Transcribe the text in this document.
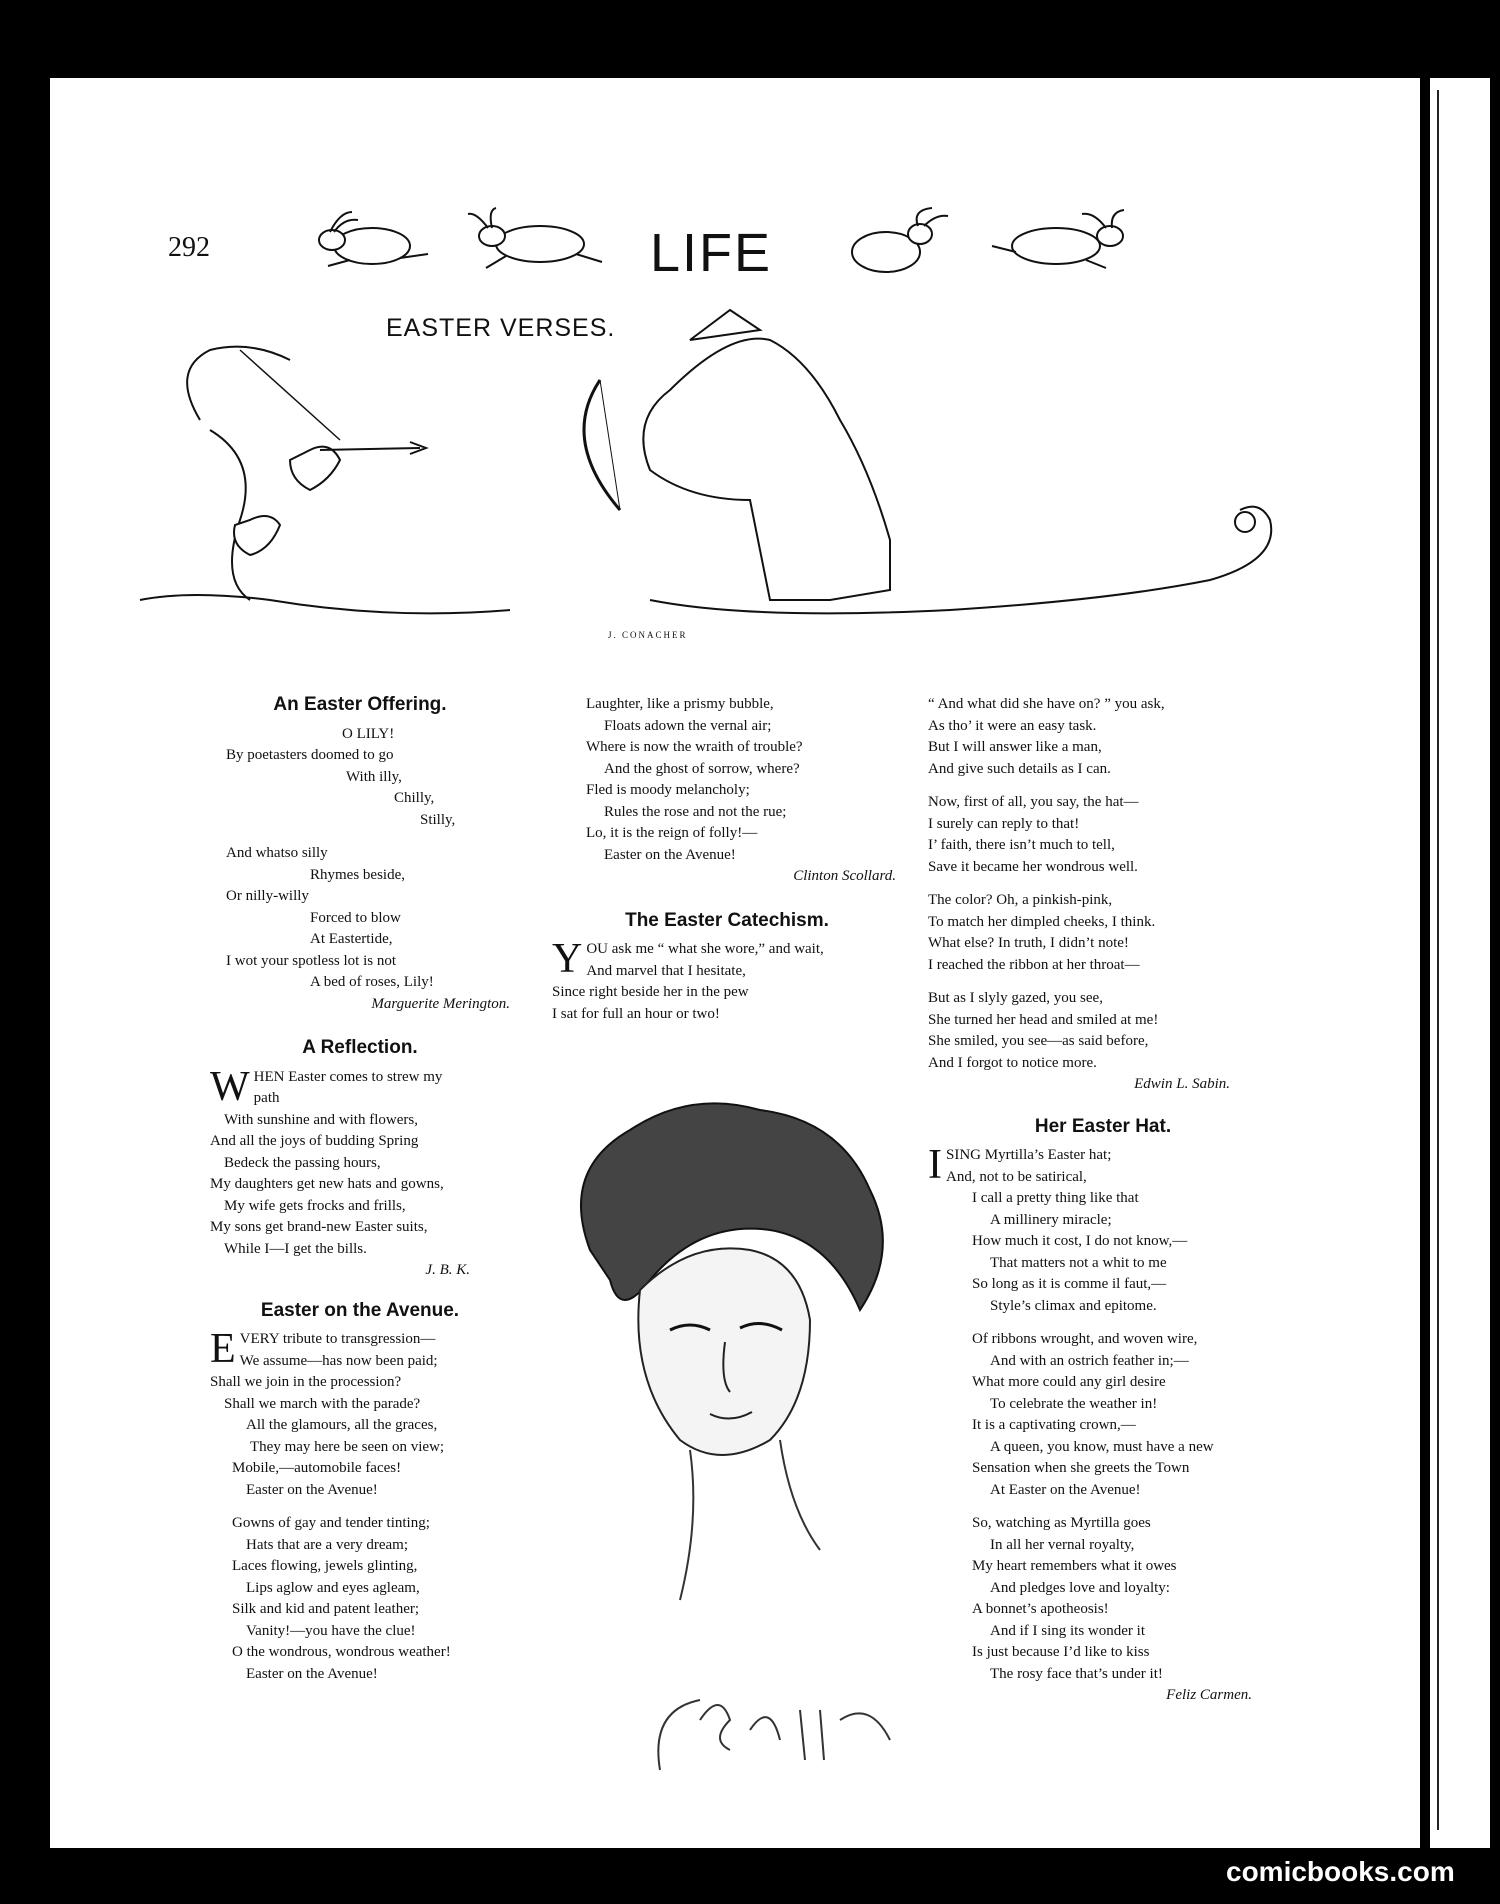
292	LIFE
EASTER VERSES.
J. CONACHER
An Easter Offering.
O LILY!
By poetasters doomed to go
With illy,
Chilly,
Stilly,
And whatso silly
Rhymes beside,
Or nilly-willy
Forced to blow
At Eastertide,
I wot your spotless lot is not
A bed of roses, Lily!
Marguerite Merington.
A Reflection.
W HEN Easter comes to strew my
path
With sunshine and with flowers,
And all the joys of budding Spring
Bedeck the passing hours,
My daughters get new hats and gowns,
My wife gets frocks and frills,
My sons get brand-new Easter suits,
While I—I get the bills.
J. B. K.
Easter on the Avenue.
E VERY tribute to transgression—
We assume—has now been paid;
Shall we join in the procession?
Shall we march with the parade?
All the glamours, all the graces,
They may here be seen on view;
Mobile,—automobile faces!
Easter on the Avenue!
Gowns of gay and tender tinting;
Hats that are a very dream;
Laces flowing, jewels glinting,
Lips aglow and eyes agleam,
Silk and kid and patent leather;
Vanity!—you have the clue!
O the wondrous, wondrous weather!
Easter on the Avenue!
Laughter, like a prismy bubble,
Floats adown the vernal air;
Where is now the wraith of trouble?
And the ghost of sorrow, where?
Fled is moody melancholy;
Rules the rose and not the rue;
Lo, it is the reign of folly!—
Easter on the Avenue!
Clinton Scollard.
The Easter Catechism.
Y OU ask me “ what she wore,” and wait,
And marvel that I hesitate,
Since right beside her in the pew
I sat for full an hour or two!
“ And what did she have on? ” you ask,
As tho’ it were an easy task.
But I will answer like a man,
And give such details as I can.
Now, first of all, you say, the hat—
I surely can reply to that!
I’ faith, there isn’t much to tell,
Save it became her wondrous well.
The color? Oh, a pinkish-pink,
To match her dimpled cheeks, I think.
What else? In truth, I didn’t note!
I reached the ribbon at her throat—
But as I slyly gazed, you see,
She turned her head and smiled at me!
She smiled, you see—as said before,
And I forgot to notice more.
Edwin L. Sabin.
Her Easter Hat.
I SING Myrtilla’s Easter hat;
And, not to be satirical,
I call a pretty thing like that
A millinery miracle;
How much it cost, I do not know,—
That matters not a whit to me
So long as it is comme il faut,—
Style’s climax and epitome.
Of ribbons wrought, and woven wire,
And with an ostrich feather in;—
What more could any girl desire
To celebrate the weather in!
It is a captivating crown,—
A queen, you know, must have a new
Sensation when she greets the Town
At Easter on the Avenue!
So, watching as Myrtilla goes
In all her vernal royalty,
My heart remembers what it owes
And pledges love and loyalty:
A bonnet’s apotheosis!
And if I sing its wonder it
Is just because I’d like to kiss
The rosy face that’s under it!
Feliz Carmen.
comicbooks.com
